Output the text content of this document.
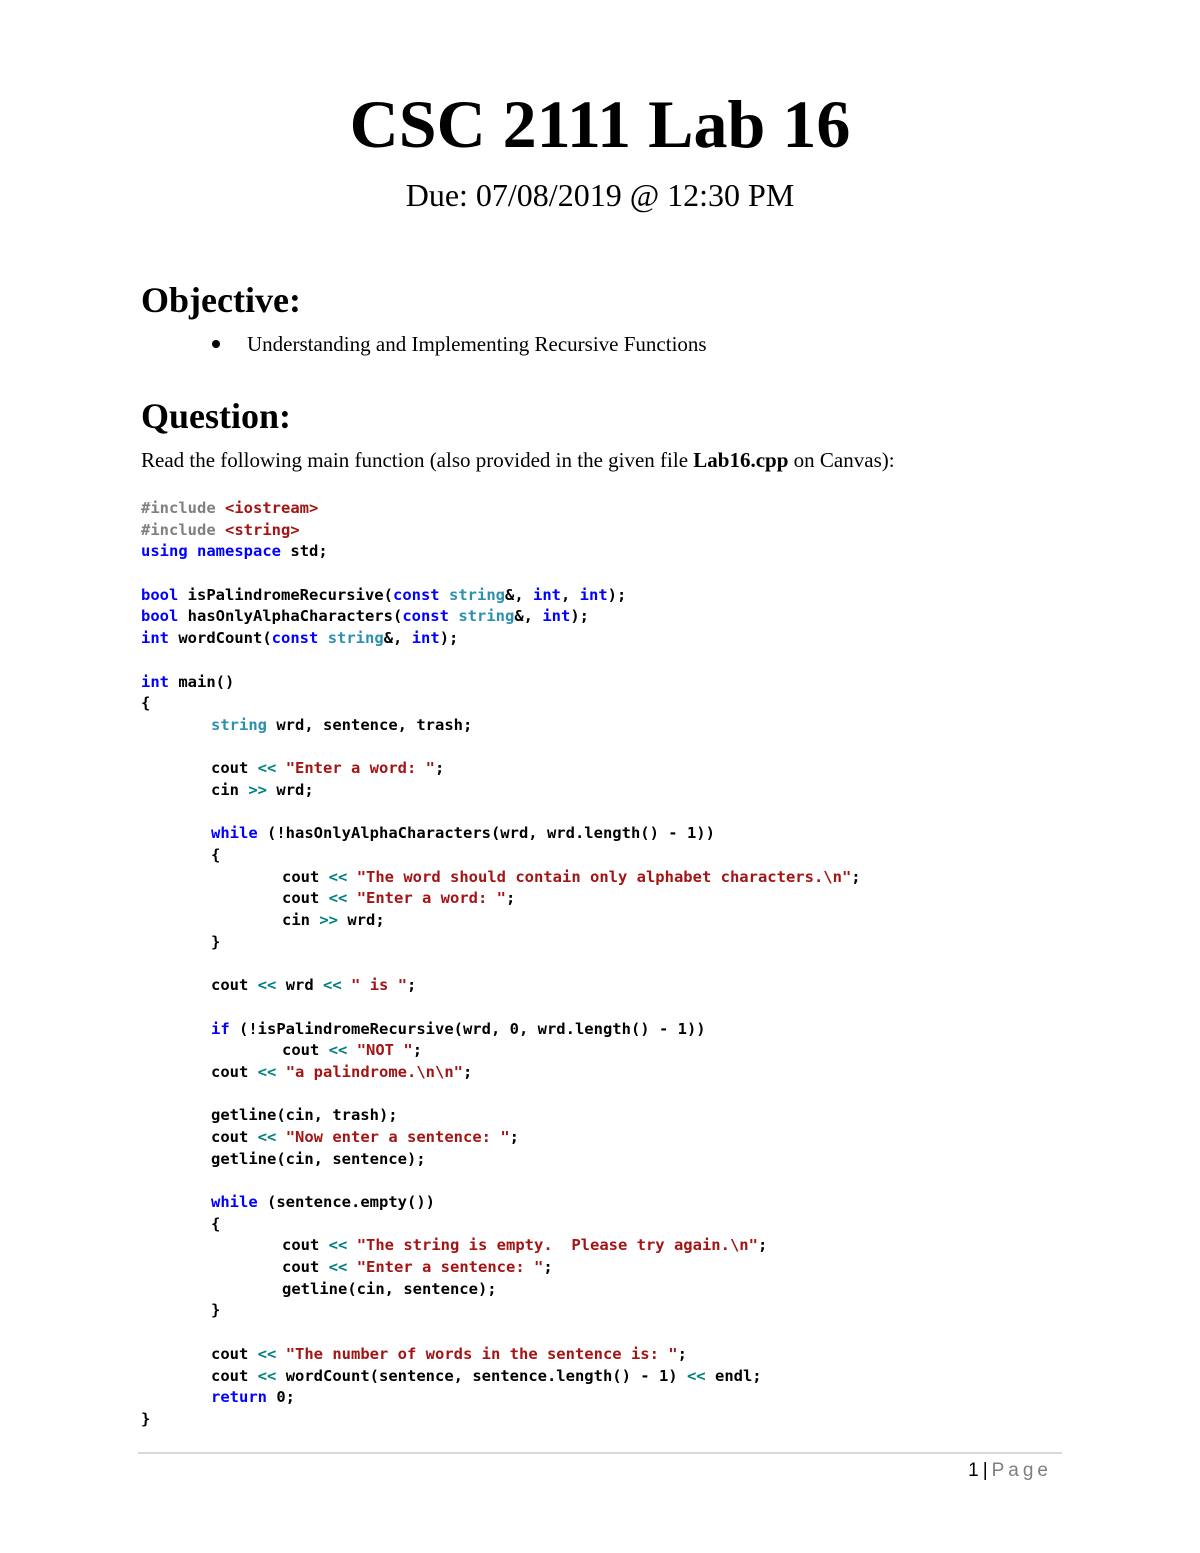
CSC 2111 Lab 16
Due: 07/08/2019 @ 12:30 PM
Objective:
Understanding and Implementing Recursive Functions
Question:
Read the following main function (also provided in the given file Lab16.cpp on Canvas):
#include <iostream>
#include <string>
using namespace std;
bool isPalindromeRecursive(const string&, int, int);
bool hasOnlyAlphaCharacters(const string&, int);
int wordCount(const string&, int);
int main()
{
string wrd, sentence, trash;
cout << "Enter a word: ";
cin >> wrd;
while (!hasOnlyAlphaCharacters(wrd, wrd.length() - 1))
{
cout << "The word should contain only alphabet characters.\n";
cout << "Enter a word: ";
cin >> wrd;
}
cout << wrd << " is ";
if (!isPalindromeRecursive(wrd, 0, wrd.length() - 1))
cout << "NOT ";
cout << "a palindrome.\n\n";
getline(cin, trash);
cout << "Now enter a sentence: ";
getline(cin, sentence);
while (sentence.empty())
{
cout << "The string is empty.  Please try again.\n";
cout << "Enter a sentence: ";
getline(cin, sentence);
}
cout << "The number of words in the sentence is: ";
cout << wordCount(sentence, sentence.length() - 1) << endl;
return 0;
}
1 | Page
